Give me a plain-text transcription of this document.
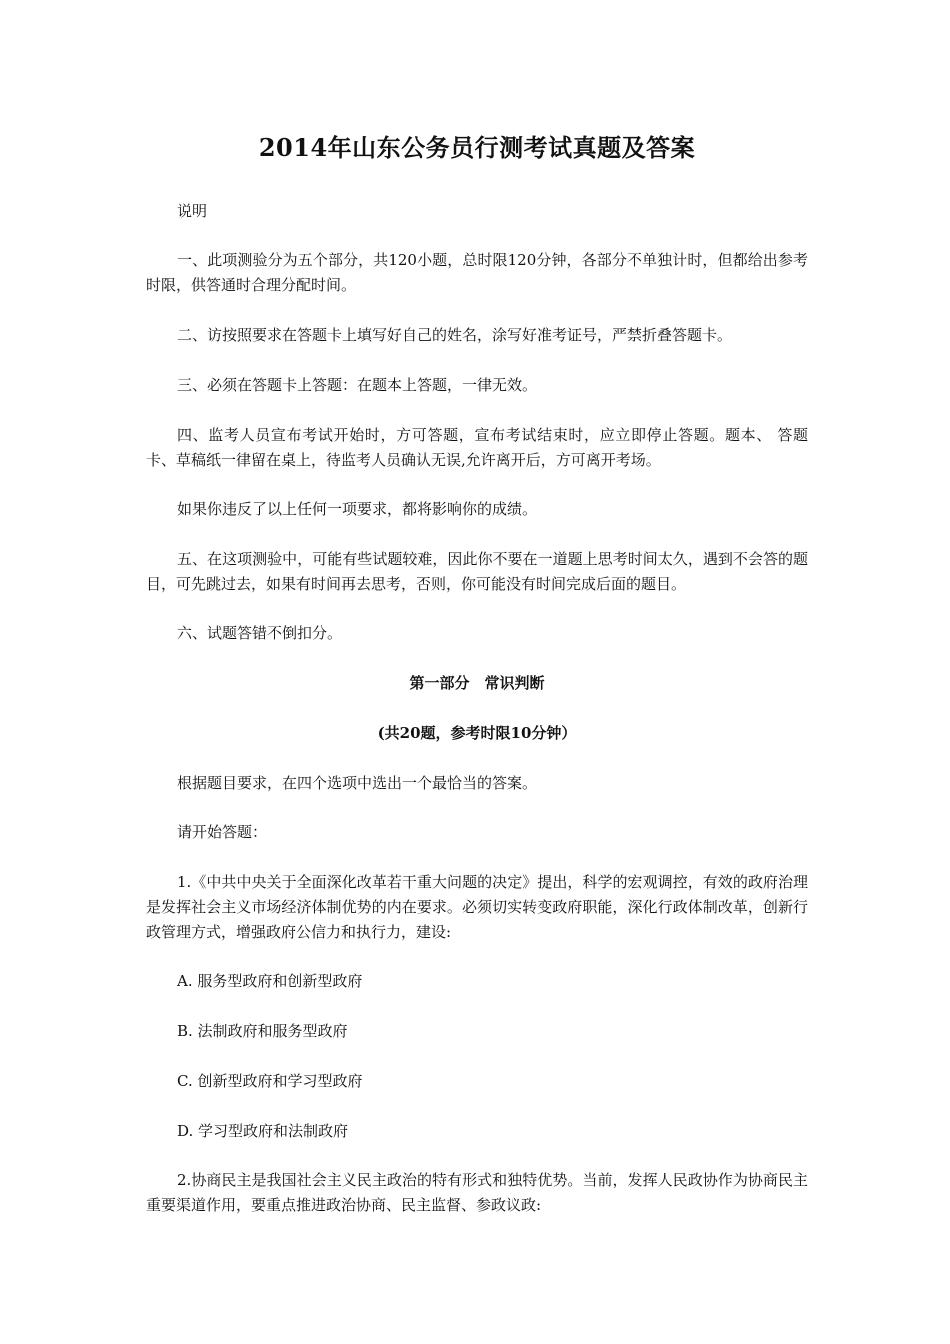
2014年山东公务员行测考试真题及答案

说明

一、此项测验分为五个部分，共120小题，总时限120分钟，各部分不单独计时，但都给出参考时限，供答通时合理分配时间。

二、访按照要求在答题卡上填写好自己的姓名，涂写好准考证号，严禁折叠答题卡。

三、必须在答题卡上答题：在题本上答题，一律无效。

四、监考人员宣布考试开始时，方可答题，宣布考试结束时，应立即停止答题。题本、 答题卡、草稿纸一律留在桌上，待监考人员确认无误,允许离开后，方可离开考场。

如果你违反了以上任何一项要求，都将影响你的成绩。

五、在这项测验中，可能有些试题较难，因此你不要在一道题上思考时间太久，遇到不会答的题目，可先跳过去，如果有时间再去思考，否则，你可能没有时间完成后面的题目。

六、试题答错不倒扣分。

第一部分　常识判断

(共20题，参考时限10分钟）

根据题目要求，在四个选项中选出一个最恰当的答案。

请开始答题：

1.《中共中央关于全面深化改革若干重大问题的决定》提出，科学的宏观调控，有效的政府治理是发挥社会主义市场经济体制优势的内在要求。必须切实转变政府职能，深化行政体制改革，创新行政管理方式，增强政府公信力和执行力，建设:

A. 服务型政府和创新型政府

B. 法制政府和服务型政府

C. 创新型政府和学习型政府

D. 学习型政府和法制政府

2.协商民主是我国社会主义民主政治的特有形式和独特优势。当前，发挥人民政协作为协商民主重要渠道作用，要重点推进政治协商、民主监督、参政议政:
